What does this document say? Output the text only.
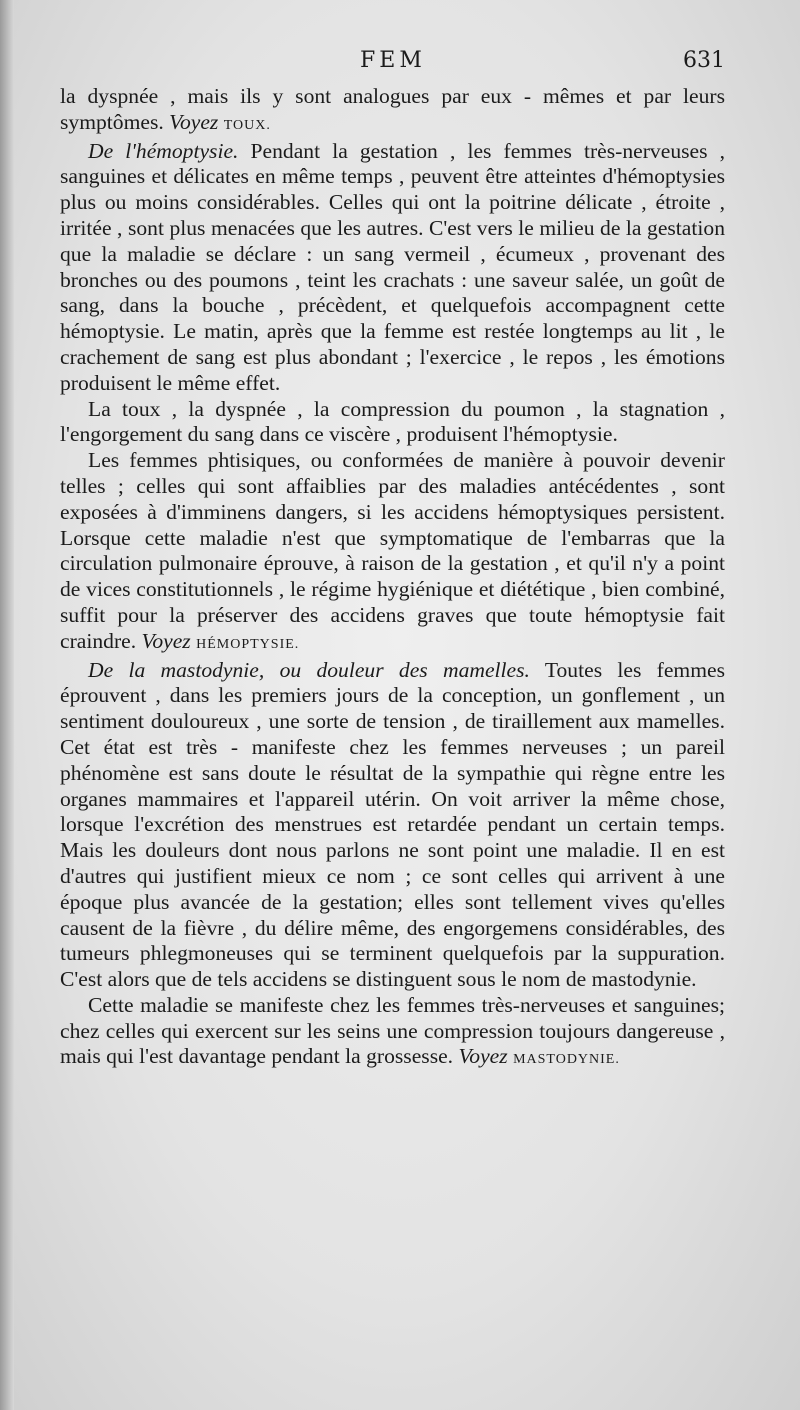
FEM	631

la dyspnée , mais ils y sont analogues par eux - mêmes et par leurs symptômes. Voyez TOUX.

De l'hémoptysie. Pendant la gestation , les femmes très-nerveuses , sanguines et délicates en même temps , peuvent être atteintes d'hémoptysies plus ou moins considérables. Celles qui ont la poitrine délicate , étroite , irritée , sont plus menacées que les autres. C'est vers le milieu de la gestation que la maladie se déclare : un sang vermeil , écumeux , provenant des bronches ou des poumons , teint les crachats : une saveur salée, un goût de sang, dans la bouche , précèdent, et quelquefois accompagnent cette hémoptysie. Le matin, après que la femme est restée longtemps au lit , le crachement de sang est plus abondant ; l'exercice , le repos , les émotions produisent le même effet.

La toux , la dyspnée , la compression du poumon , la stagnation , l'engorgement du sang dans ce viscère , produisent l'hémoptysie.

Les femmes phtisiques, ou conformées de manière à pouvoir devenir telles ; celles qui sont affaiblies par des maladies antécédentes , sont exposées à d'imminens dangers, si les accidens hémoptysiques persistent. Lorsque cette maladie n'est que symptomatique de l'embarras que la circulation pulmonaire éprouve, à raison de la gestation , et qu'il n'y a point de vices constitutionnels , le régime hygiénique et diététique , bien combiné, suffit pour la préserver des accidens graves que toute hémoptysie fait craindre. Voyez HÉMOPTYSIE.

De la mastodynie, ou douleur des mamelles. Toutes les femmes éprouvent , dans les premiers jours de la conception, un gonflement , un sentiment douloureux , une sorte de tension , de tiraillement aux mamelles. Cet état est très - manifeste chez les femmes nerveuses ; un pareil phénomène est sans doute le résultat de la sympathie qui règne entre les organes mammaires et l'appareil utérin. On voit arriver la même chose, lorsque l'excrétion des menstrues est retardée pendant un certain temps. Mais les douleurs dont nous parlons ne sont point une maladie. Il en est d'autres qui justifient mieux ce nom ; ce sont celles qui arrivent à une époque plus avancée de la gestation; elles sont tellement vives qu'elles causent de la fièvre , du délire même, des engorgemens considérables, des tumeurs phlegmoneuses qui se terminent quelquefois par la suppuration. C'est alors que de tels accidens se distinguent sous le nom de mastodynie.

Cette maladie se manifeste chez les femmes très-nerveuses et sanguines; chez celles qui exercent sur les seins une compression toujours dangereuse , mais qui l'est davantage pendant la grossesse. Voyez MASTODYNIE.
